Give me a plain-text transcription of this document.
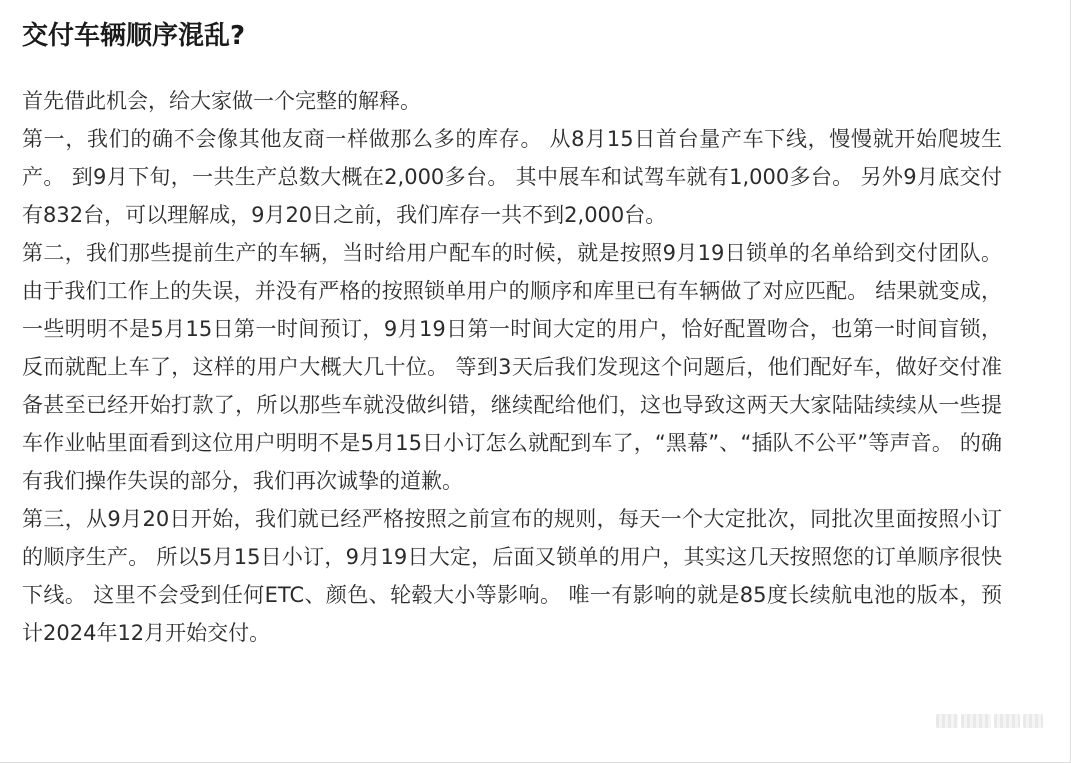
交付车辆顺序混乱?

首先借此机会，给大家做一个完整的解释。

第一，我们的确不会像其他友商一样做那么多的库存。 从8月15日首台量产车下线，慢慢就开始爬坡生产。 到9月下旬，一共生产总数大概在2,000多台。 其中展车和试驾车就有1,000多台。 另外9月底交付有832台，可以理解成，9月20日之前，我们库存一共不到2,000台。

第二，我们那些提前生产的车辆，当时给用户配车的时候，就是按照9月19日锁单的名单给到交付团队。 由于我们工作上的失误，并没有严格的按照锁单用户的顺序和库里已有车辆做了对应匹配。 结果就变成，一些明明不是5月15日第一时间预订，9月19日第一时间大定的用户，恰好配置吻合，也第一时间盲锁，反而就配上车了，这样的用户大概大几十位。 等到3天后我们发现这个问题后，他们配好车，做好交付准备甚至已经开始打款了，所以那些车就没做纠错，继续配给他们，这也导致这两天大家陆陆续续从一些提车作业帖里面看到这位用户明明不是5月15日小订怎么就配到车了，“黑幕”、“插队不公平”等声音。 的确有我们操作失误的部分，我们再次诚挚的道歉。

第三，从9月20日开始，我们就已经严格按照之前宣布的规则，每天一个大定批次，同批次里面按照小订的顺序生产。 所以5月15日小订，9月19日大定，后面又锁单的用户，其实这几天按照您的订单顺序很快下线。 这里不会受到任何ETC、颜色、轮毂大小等影响。 唯一有影响的就是85度长续航电池的版本，预计2024年12月开始交付。
